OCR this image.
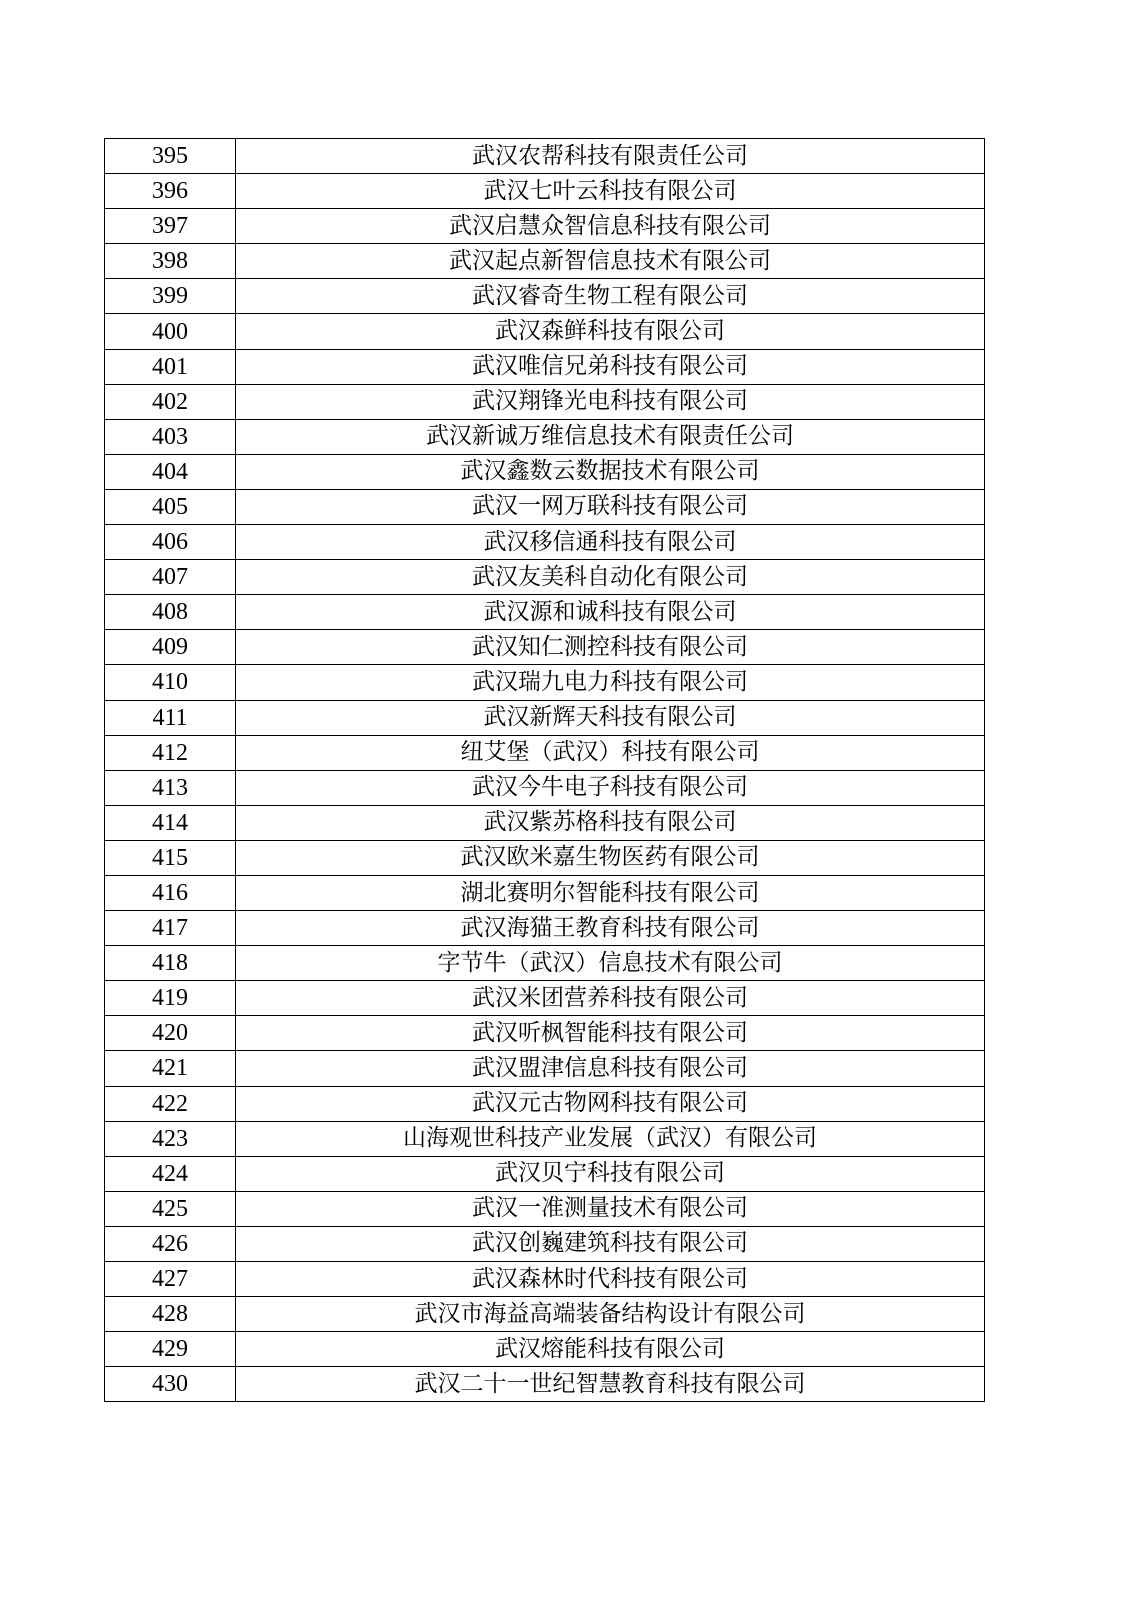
395	武汉农帮科技有限责任公司
396	武汉七叶云科技有限公司
397	武汉启慧众智信息科技有限公司
398	武汉起点新智信息技术有限公司
399	武汉睿奇生物工程有限公司
400	武汉森鲜科技有限公司
401	武汉唯信兄弟科技有限公司
402	武汉翔锋光电科技有限公司
403	武汉新诚万维信息技术有限责任公司
404	武汉鑫数云数据技术有限公司
405	武汉一网万联科技有限公司
406	武汉移信通科技有限公司
407	武汉友美科自动化有限公司
408	武汉源和诚科技有限公司
409	武汉知仁测控科技有限公司
410	武汉瑞九电力科技有限公司
411	武汉新辉天科技有限公司
412	纽艾堡（武汉）科技有限公司
413	武汉今牛电子科技有限公司
414	武汉紫苏格科技有限公司
415	武汉欧米嘉生物医药有限公司
416	湖北赛明尔智能科技有限公司
417	武汉海猫王教育科技有限公司
418	字节牛（武汉）信息技术有限公司
419	武汉米团营养科技有限公司
420	武汉听枫智能科技有限公司
421	武汉盟津信息科技有限公司
422	武汉元古物网科技有限公司
423	山海观世科技产业发展（武汉）有限公司
424	武汉贝宁科技有限公司
425	武汉一准测量技术有限公司
426	武汉创巍建筑科技有限公司
427	武汉森林时代科技有限公司
428	武汉市海益高端装备结构设计有限公司
429	武汉熔能科技有限公司
430	武汉二十一世纪智慧教育科技有限公司
